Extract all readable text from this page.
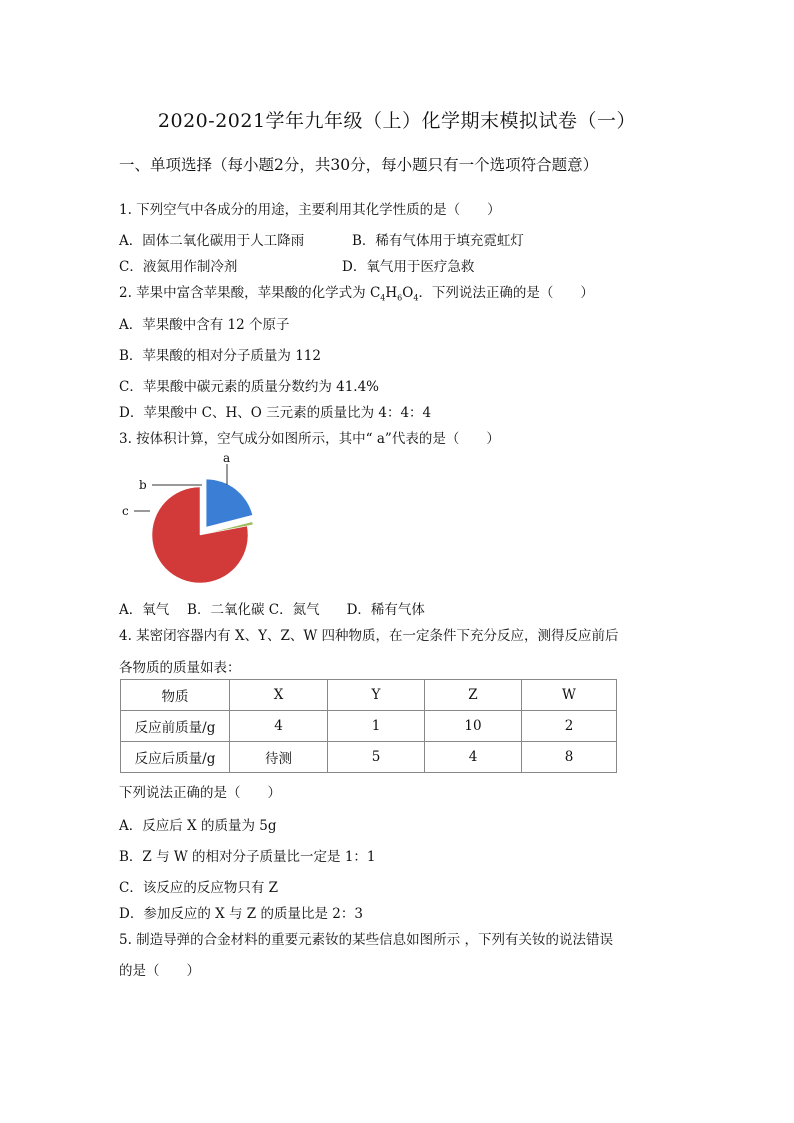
2020-2021学年九年级（上）化学期末模拟试卷（一）
一、单项选择（每小题2分，共30分，每小题只有一个选项符合题意）
1. 下列空气中各成分的用途，主要利用其化学性质的是（　　）
A．固体二氧化碳用于人工降雨	B．稀有气体用于填充霓虹灯
C．液氮用作制冷剂	D．氧气用于医疗急救
2. 苹果中富含苹果酸，苹果酸的化学式为 $C_4H_6O_4$．下列说法正确的是（　　）
A．苹果酸中含有 12 个原子
B．苹果酸的相对分子质量为 112
C．苹果酸中碳元素的质量分数约为 41.4%
D．苹果酸中 C、H、O 三元素的质量比为 4：4：4
3. 按体积计算，空气成分如图所示，其中“ a”代表的是（　　）
a
b
c
A．氧气　 B．二氧化碳 C．氮气　　D．稀有气体
4. 某密闭容器内有 X、Y、Z、W 四种物质，在一定条件下充分反应，测得反应前后
各物质的质量如表：
物质	X	Y	Z	W
反应前质量/g	4	1	10	2
反应后质量/g	待测	5	4	8
下列说法正确的是（　　）
A．反应后 X 的质量为 5g
B．Z 与 W 的相对分子质量比一定是 1：1
C．该反应的反应物只有 Z
D．参加反应的 X 与 Z 的质量比是 2：3
5. 制造导弹的合金材料的重要元素钕的某些信息如图所示 ，下列有关钕的说法错误
的是（　　）
